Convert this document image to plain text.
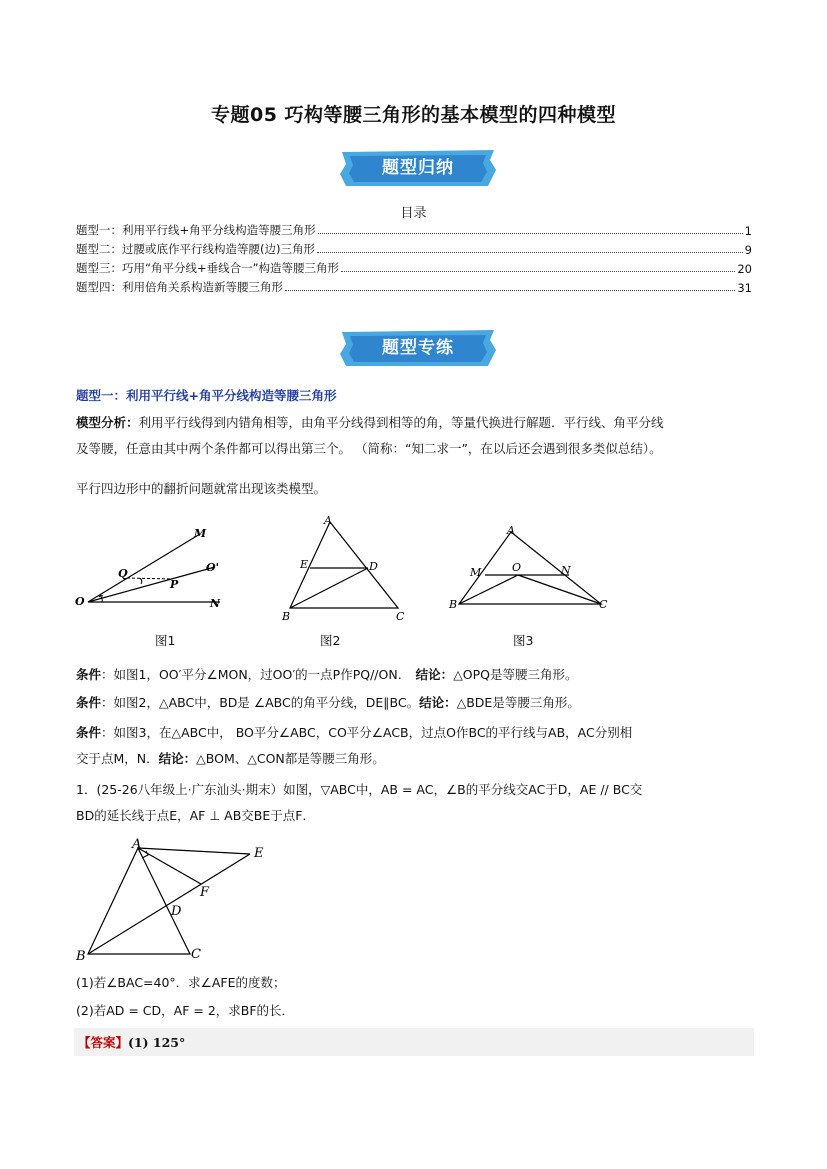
专题05 巧构等腰三角形的基本模型的四种模型
题型归纳
目录
题型一：利用平行线+角平分线构造等腰三角形	1
题型二：过腰或底作平行线构造等腰(边)三角形	9
题型三：巧用“角平分线+垂线合一”构造等腰三角形	20
题型四：利用倍角关系构造新等腰三角形	31
题型专练
题型一：利用平行线+角平分线构造等腰三角形
模型分析：利用平行线得到内错角相等，由角平分线得到相等的角，等量代换进行解题．平行线、角平分线
及等腰，任意由其中两个条件都可以得出第三个。 （简称：“知二求一”，在以后还会遇到很多类似总结）。
平行四边形中的翻折问题就常出现该类模型。
M
Q	O'
P
O	N
图1
A
E	D
B	C
图2
A
M	O	N
B	C
图3
条件：如图1，OO′平分∠MON，过OO′的一点P作PQ//ON. 结论：△OPQ是等腰三角形。
条件：如图2，△ABC中，BD是 ∠ABC的角平分线，DE∥BC。结论：△BDE是等腰三角形。
条件：如图3，在△ABC中， BO平分∠ABC，CO平分∠ACB，过点O作BC的平行线与AB，AC分别相
交于点M，N．结论：△BOM、△CON都是等腰三角形。
1．(25-26八年级上·广东汕头·期末）如图，▽ABC中，AB = AC，∠B的平分线交AC于D，AE // BC交
BD的延长线于点E，AF ⊥ AB交BE于点F．
A
E
F
D
B	C
(1)若∠BAC=40°．求∠AFE的度数；
(2)若AD = CD，AF = 2，求BF的长．
【答案】(1) 125°
